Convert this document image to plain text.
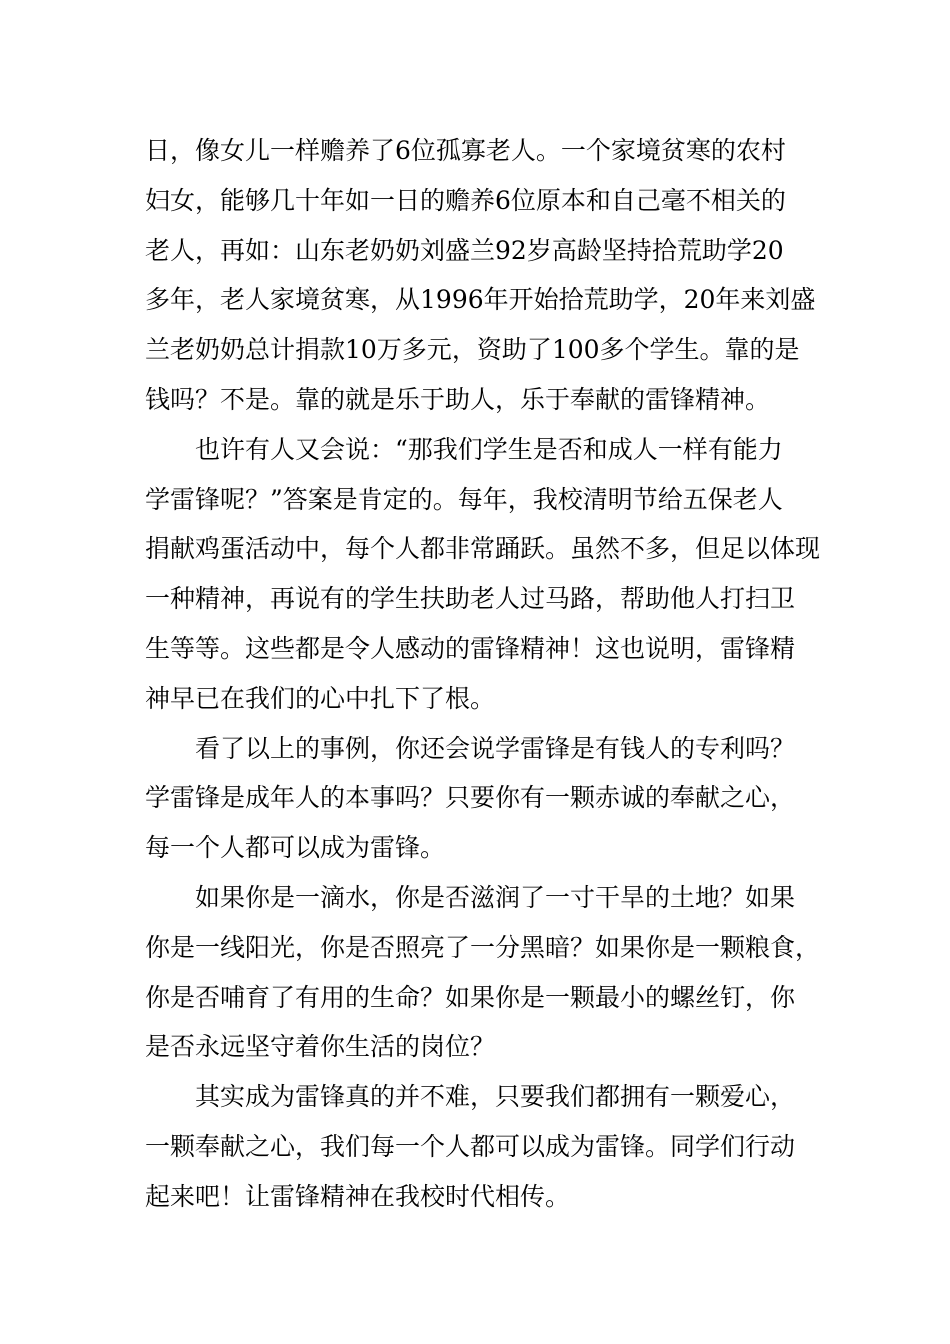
日，像女儿一样赡养了6位孤寡老人。一个家境贫寒的农村
妇女，能够几十年如一日的赡养6位原本和自己毫不相关的
老人，再如：山东老奶奶刘盛兰92岁高龄坚持拾荒助学20
多年，老人家境贫寒，从1996年开始拾荒助学，20年来刘盛
兰老奶奶总计捐款10万多元，资助了100多个学生。靠的是
钱吗？不是。靠的就是乐于助人，乐于奉献的雷锋精神。
也许有人又会说：“那我们学生是否和成人一样有能力
学雷锋呢？”答案是肯定的。每年，我校清明节给五保老人
捐献鸡蛋活动中，每个人都非常踊跃。虽然不多，但足以体现
一种精神，再说有的学生扶助老人过马路，帮助他人打扫卫
生等等。这些都是令人感动的雷锋精神！这也说明，雷锋精
神早已在我们的心中扎下了根。
看了以上的事例，你还会说学雷锋是有钱人的专利吗？
学雷锋是成年人的本事吗？只要你有一颗赤诚的奉献之心，
每一个人都可以成为雷锋。
如果你是一滴水，你是否滋润了一寸干旱的土地？如果
你是一线阳光，你是否照亮了一分黑暗？如果你是一颗粮食，
你是否哺育了有用的生命？如果你是一颗最小的螺丝钉，你
是否永远坚守着你生活的岗位？
其实成为雷锋真的并不难，只要我们都拥有一颗爱心，
一颗奉献之心，我们每一个人都可以成为雷锋。同学们行动
起来吧！让雷锋精神在我校时代相传。
